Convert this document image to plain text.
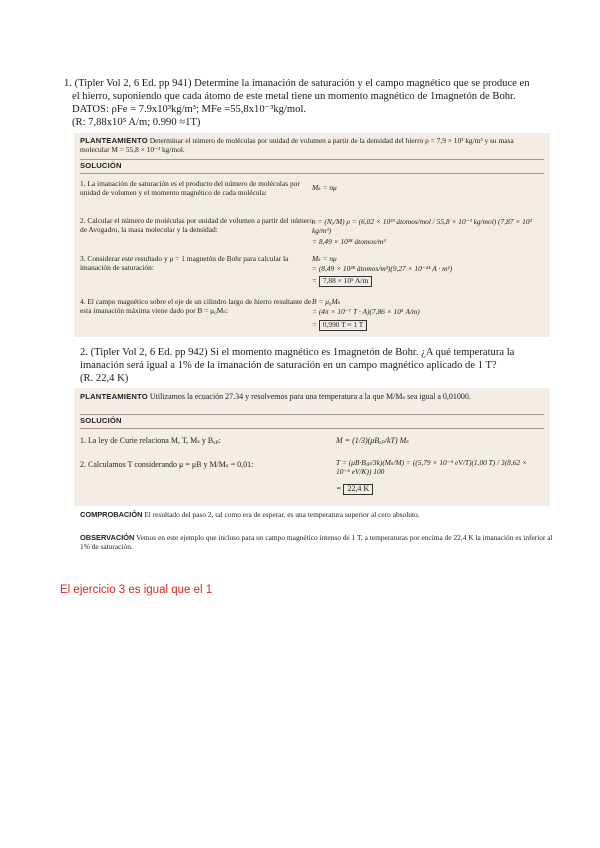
1. (Tipler Vol 2, 6 Ed. pp 941) Determine la imanación de saturación y el campo magnético que se produce en
el hierro, suponiendo que cada átomo de este metal tiene un momento magnético de 1magnetón de Bohr.
DATOS: ρFe = 7.9x10³kg/m³; MFe =55,8x10⁻³kg/mol.
(R: 7,88x10⁵ A/m; 0.990 ≈1T)
PLANTEAMIENTO Determinar el número de moléculas por unidad de volumen a partir de la densidad del hierro ρ = 7,9 × 10³ kg/m³ y su masa molecular M = 55,8 × 10⁻³ kg/mol.
SOLUCIÓN
1. La imanación de saturación es el producto del número de moléculas por unidad de volumen y el momento magnético de cada molécula:
Mₛ = nμ
2. Calcular el número de moléculas por unidad de volumen a partir del número de Avogadro, la masa molecular y la densidad:
n = (Nₐ/M) ρ = (6,02 × 10²³ átomos/mol / 55,8 × 10⁻³ kg/mol) (7,87 × 10³ kg/m³)
= 8,49 × 10²⁸ átomos/m³
3. Considerar este resultado y μ = 1 magnetón de Bohr para calcular la imanación de saturación:
Mₛ = nμ
= (8,49 × 10²⁸ átomos/m³)(9,27 × 10⁻²⁴ A · m²)
= 7,88 × 10⁵ A/m
4. El campo magnético sobre el eje de un cilindro largo de hierro resultante de esta imanación máxima viene dado por B = μ₀Mₛ:
B = μ₀Mₛ
= (4π × 10⁻⁷ T · A)(7,86 × 10⁵ A/m)
= 0,990 T ≈ 1 T
2. (Tipler Vol 2, 6 Ed. pp 942) Si el momento magnético es 1magnetón de Bohr. ¿A qué temperatura la
imanación será igual a 1% de la imanación de saturación en un campo magnético aplicado de 1 T?
(R. 22,4 K)
PLANTEAMIENTO Utilizamos la ecuación 27.34 y resolvemos para una temperatura a la que M/Mₛ sea igual a 0,01000.
SOLUCIÓN
1. La ley de Curie relaciona M, T, Mₛ y Bₐₚ:	M = (1/3)(μBₐₚ/kT) Mₛ
2. Calculamos T considerando μ = μB y M/Mₛ = 0,01:	T = (μB·Bₐₚ/3k)(Mₛ/M) = ((5,79 × 10⁻⁵ eV/T)(1,00 T) / 3(8,62 × 10⁻⁵ eV/K)) 100
= 22,4 K
COMPROBACIÓN El resultado del paso 2, tal como era de esperar, es una temperatura superior al cero absoluto.
OBSERVACIÓN Vemos en este ejemplo que incluso para un campo magnético intenso de 1 T, a temperaturas por encima de 22,4 K la imanación es inferior al 1% de saturación.
El ejercicio 3 es igual que el 1
